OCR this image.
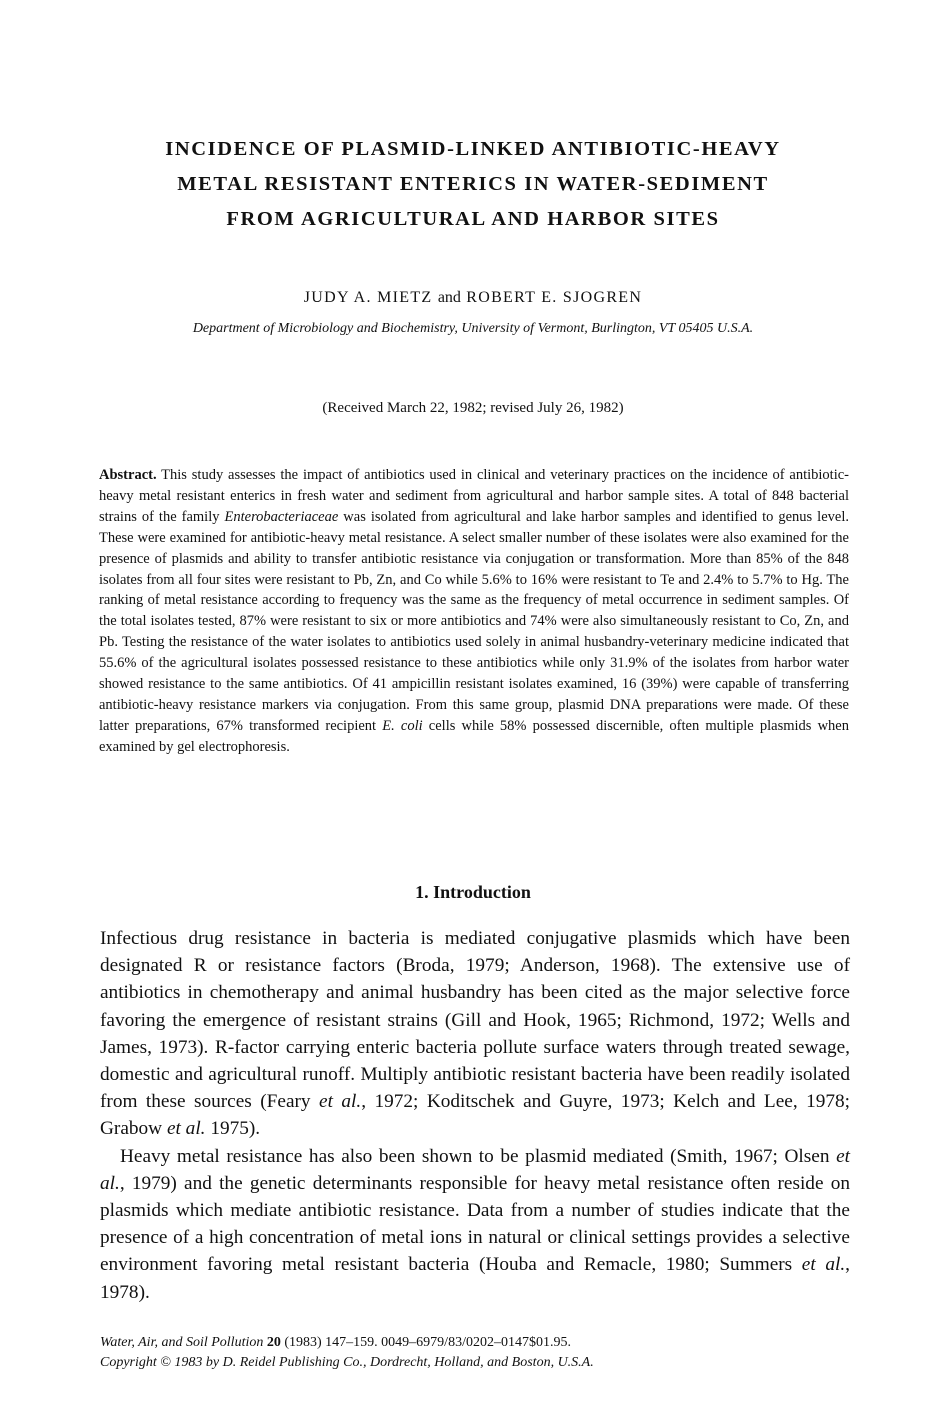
INCIDENCE OF PLASMID-LINKED ANTIBIOTIC-HEAVY
METAL RESISTANT ENTERICS IN WATER-SEDIMENT
FROM AGRICULTURAL AND HARBOR SITES
JUDY A. MIETZ and ROBERT E. SJOGREN
Department of Microbiology and Biochemistry, University of Vermont, Burlington, VT 05405 U.S.A.
(Received March 22, 1982; revised July 26, 1982)
Abstract. This study assesses the impact of antibiotics used in clinical and veterinary practices on the incidence of antibiotic- heavy metal resistant enterics in fresh water and sediment from agricultural and harbor sample sites. A total of 848 bacterial strains of the family Enterobacteriaceae was isolated from agricultural and lake harbor samples and identified to genus level. These were examined for antibiotic-heavy metal resistance. A select smaller number of these isolates were also examined for the presence of plasmids and ability to transfer antibiotic resistance via conjugation or transformation. More than 85% of the 848 isolates from all four sites were resistant to Pb, Zn, and Co while 5.6% to 16% were resistant to Te and 2.4% to 5.7% to Hg. The ranking of metal resistance according to frequency was the same as the frequency of metal occurrence in sediment samples. Of the total isolates tested, 87% were resistant to six or more antibiotics and 74% were also simultaneously resistant to Co, Zn, and Pb. Testing the resistance of the water isolates to antibiotics used solely in animal husbandry-veterinary medicine indicated that 55.6% of the agricultural isolates possessed resistance to these antibiotics while only 31.9% of the isolates from harbor water showed resistance to the same antibiotics. Of 41 ampicillin resistant isolates examined, 16 (39%) were capable of transferring antibiotic-heavy resistance markers via conjugation. From this same group, plasmid DNA preparations were made. Of these latter preparations, 67% transformed recipient E. coli cells while 58% possessed discernible, often multiple plasmids when examined by gel electrophoresis.
1. Introduction

Infectious drug resistance in bacteria is mediated conjugative plasmids which have been designated R or resistance factors (Broda, 1979; Anderson, 1968). The extensive use of antibiotics in chemotherapy and animal husbandry has been cited as the major selective force favoring the emergence of resistant strains (Gill and Hook, 1965; Richmond, 1972; Wells and James, 1973). R-factor carrying enteric bacteria pollute surface waters through treated sewage, domestic and agricultural runoff. Multiply antibiotic resistant bacteria have been readily isolated from these sources (Feary et al., 1972; Koditschek and Guyre, 1973; Kelch and Lee, 1978; Grabow et al. 1975).

Heavy metal resistance has also been shown to be plasmid mediated (Smith, 1967; Olsen et al., 1979) and the genetic determinants responsible for heavy metal resistance often reside on plasmids which mediate antibiotic resistance. Data from a number of studies indicate that the presence of a high concentration of metal ions in natural or clinical settings provides a selective environment favoring metal resistant bacteria (Houba and Remacle, 1980; Summers et al., 1978).

Water, Air, and Soil Pollution 20 (1983) 147–159. 0049–6979/83/0202–0147$01.95.
Copyright © 1983 by D. Reidel Publishing Co., Dordrecht, Holland, and Boston, U.S.A.
